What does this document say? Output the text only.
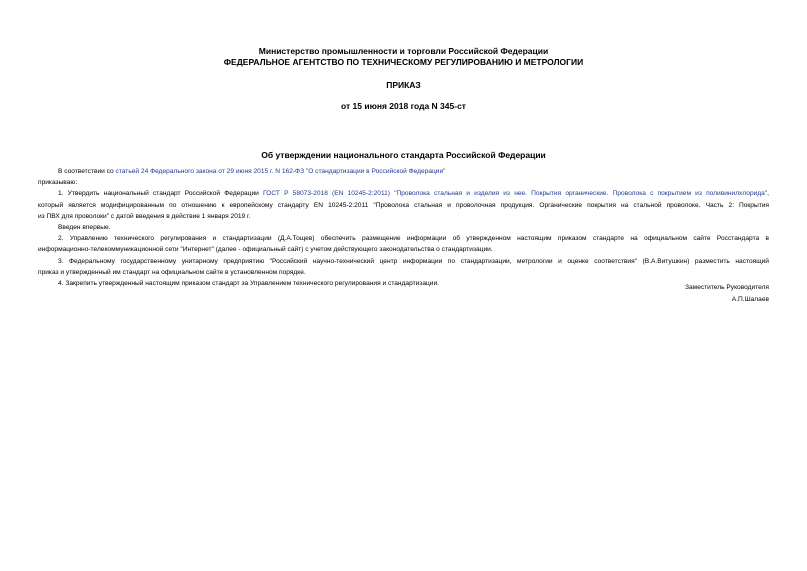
Министерство промышленности и торговли Российской Федерации
ФЕДЕРАЛЬНОЕ АГЕНТСТВО ПО ТЕХНИЧЕСКОМУ РЕГУЛИРОВАНИЮ И МЕТРОЛОГИИ
ПРИКАЗ
от 15 июня 2018 года N 345-ст
Об утверждении национального стандарта Российской Федерации
В соответствии со статьей 24 Федерального закона от 29 июня 2015 г. N 162-ФЗ "О стандартизации в Российской Федерации"
приказываю:
1. Утвердить национальный стандарт Российской Федерации ГОСТ Р 58073-2018 (EN 10245-2:2011) "Проволока стальная и изделия из нее. Покрытия органические. Проволока с покрытием из поливинилхлорида",
который является модифицированным по отношению к европейскому стандарту EN 10245-2:2011 "Проволока стальная и проволочная продукция. Органические покрытия на стальной проволоке. Часть 2: Покрытия
из ПВХ для проволоки" с датой введения в действие 1 января 2019 г.
Введен впервые.
2. Управлению технического регулирования и стандартизации (Д.А.Тощев) обеспечить размещение информации об утвержденном настоящим приказом стандарте на официальном сайте Росстандарта в
информационно-телекоммуникационной сети "Интернет" (далее - официальный сайт) с учетом действующего законодательства о стандартизации.
3. Федеральному государственному унитарному предприятию "Российский научно-технический центр информации по стандартизации, метрологии и оценке соответствия" (В.А.Витушкин) разместить настоящий
приказ и утвержденный им стандарт на официальном сайте в установленном порядке.
4. Закрепить утвержденный настоящим приказом стандарт за Управлением технического регулирования и стандартизации.
Заместитель Руководителя
А.П.Шалаев
